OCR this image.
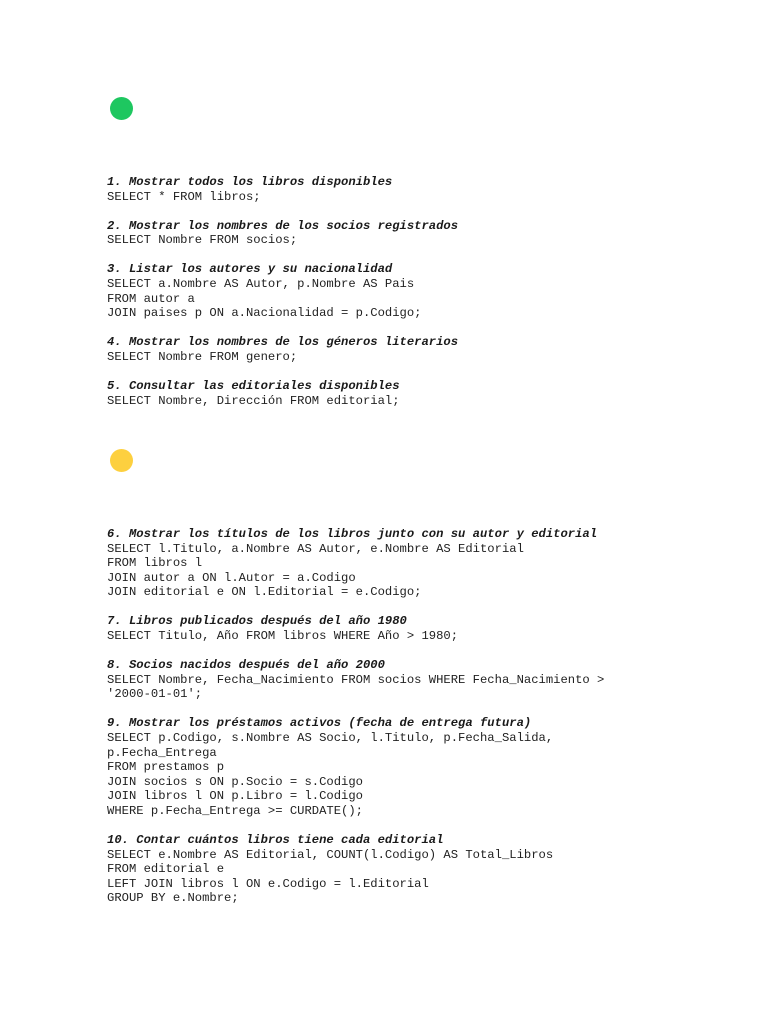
1. Mostrar todos los libros disponibles
SELECT * FROM libros;
2. Mostrar los nombres de los socios registrados
SELECT Nombre FROM socios;
3. Listar los autores y su nacionalidad
SELECT a.Nombre AS Autor, p.Nombre AS Pais
FROM autor a
JOIN paises p ON a.Nacionalidad = p.Codigo;
4. Mostrar los nombres de los géneros literarios
SELECT Nombre FROM genero;
5. Consultar las editoriales disponibles
SELECT Nombre, Dirección FROM editorial;
6. Mostrar los títulos de los libros junto con su autor y editorial
SELECT l.Titulo, a.Nombre AS Autor, e.Nombre AS Editorial
FROM libros l
JOIN autor a ON l.Autor = a.Codigo
JOIN editorial e ON l.Editorial = e.Codigo;
7. Libros publicados después del año 1980
SELECT Titulo, Año FROM libros WHERE Año > 1980;
8. Socios nacidos después del año 2000
SELECT Nombre, Fecha_Nacimiento FROM socios WHERE Fecha_Nacimiento >
'2000-01-01';
9. Mostrar los préstamos activos (fecha de entrega futura)
SELECT p.Codigo, s.Nombre AS Socio, l.Titulo, p.Fecha_Salida,
p.Fecha_Entrega
FROM prestamos p
JOIN socios s ON p.Socio = s.Codigo
JOIN libros l ON p.Libro = l.Codigo
WHERE p.Fecha_Entrega >= CURDATE();
10. Contar cuántos libros tiene cada editorial
SELECT e.Nombre AS Editorial, COUNT(l.Codigo) AS Total_Libros
FROM editorial e
LEFT JOIN libros l ON e.Codigo = l.Editorial
GROUP BY e.Nombre;
